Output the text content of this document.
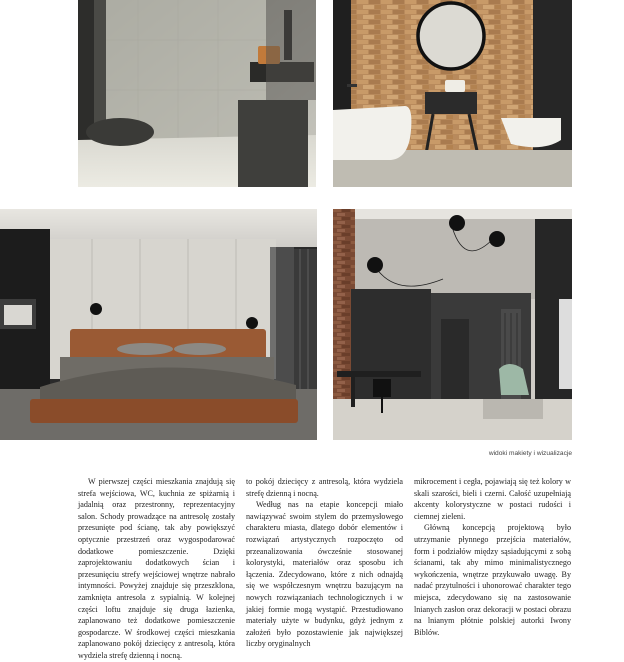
widoki makiety i wizualizacje

W pierwszej części mieszkania znajdują się strefa wejściowa, WC, kuchnia ze spiżarnią i jadalnią oraz przestronny, reprezentacyjny salon. Schody prowadzące na antresolę zostały przesunięte pod ścianę, tak aby powiększyć optycznie przestrzeń oraz wygospodarować dodatkowe pomieszczenie. Dzięki zaprojektowaniu dodatkowych ścian i przesunięciu strefy wejściowej wnętrze nabrało intymności. Powyżej znajduje się przeszklona, zamknięta antresola z sypialnią. W kolejnej części loftu znajduje się druga łazienka, zaplanowano też dodatkowe pomieszczenie gospodarcze. W środkowej części mieszkania zaplanowano pokój dziecięcy z antresolą, która wydziela strefę dzienną i nocną.

to pokój dziecięcy z antresolą, która wydziela strefę dzienną i nocną.

Według nas na etapie koncepcji miało nawiązywać swoim stylem do przemysłowego charakteru miasta, dlatego dobór elementów i rozwiązań artystycznych rozpoczęto od przeanalizowania ówcześnie stosowanej kolorystyki, materiałów oraz sposobu ich łączenia. Zdecydowano, które z nich odnajdą się we współczesnym wnętrzu bazującym na nowych rozwiązaniach technologicznych i w jakiej formie mogą wystąpić. Przestudiowano materiały użyte w budynku, gdyż jednym z założeń było pozostawienie jak największej liczby oryginalnych

mikrocement i cegła, pojawiają się też kolory w skali szarości, bieli i czerni. Całość uzupełniają akcenty kolorystyczne w postaci rudości i ciemnej zieleni.

Główną koncepcją projektową było utrzymanie płynnego przejścia materiałów, form i podziałów między sąsiadującymi z sobą ścianami, tak aby mimo minimalistycznego wykończenia, wnętrze przykuwało uwagę. By nadać przytulności i uhonorować charakter tego miejsca, zdecydowano się na zastosowanie lnianych zasłon oraz dekoracji w postaci obrazu na lnianym płótnie polskiej autorki Iwony Biblów.
